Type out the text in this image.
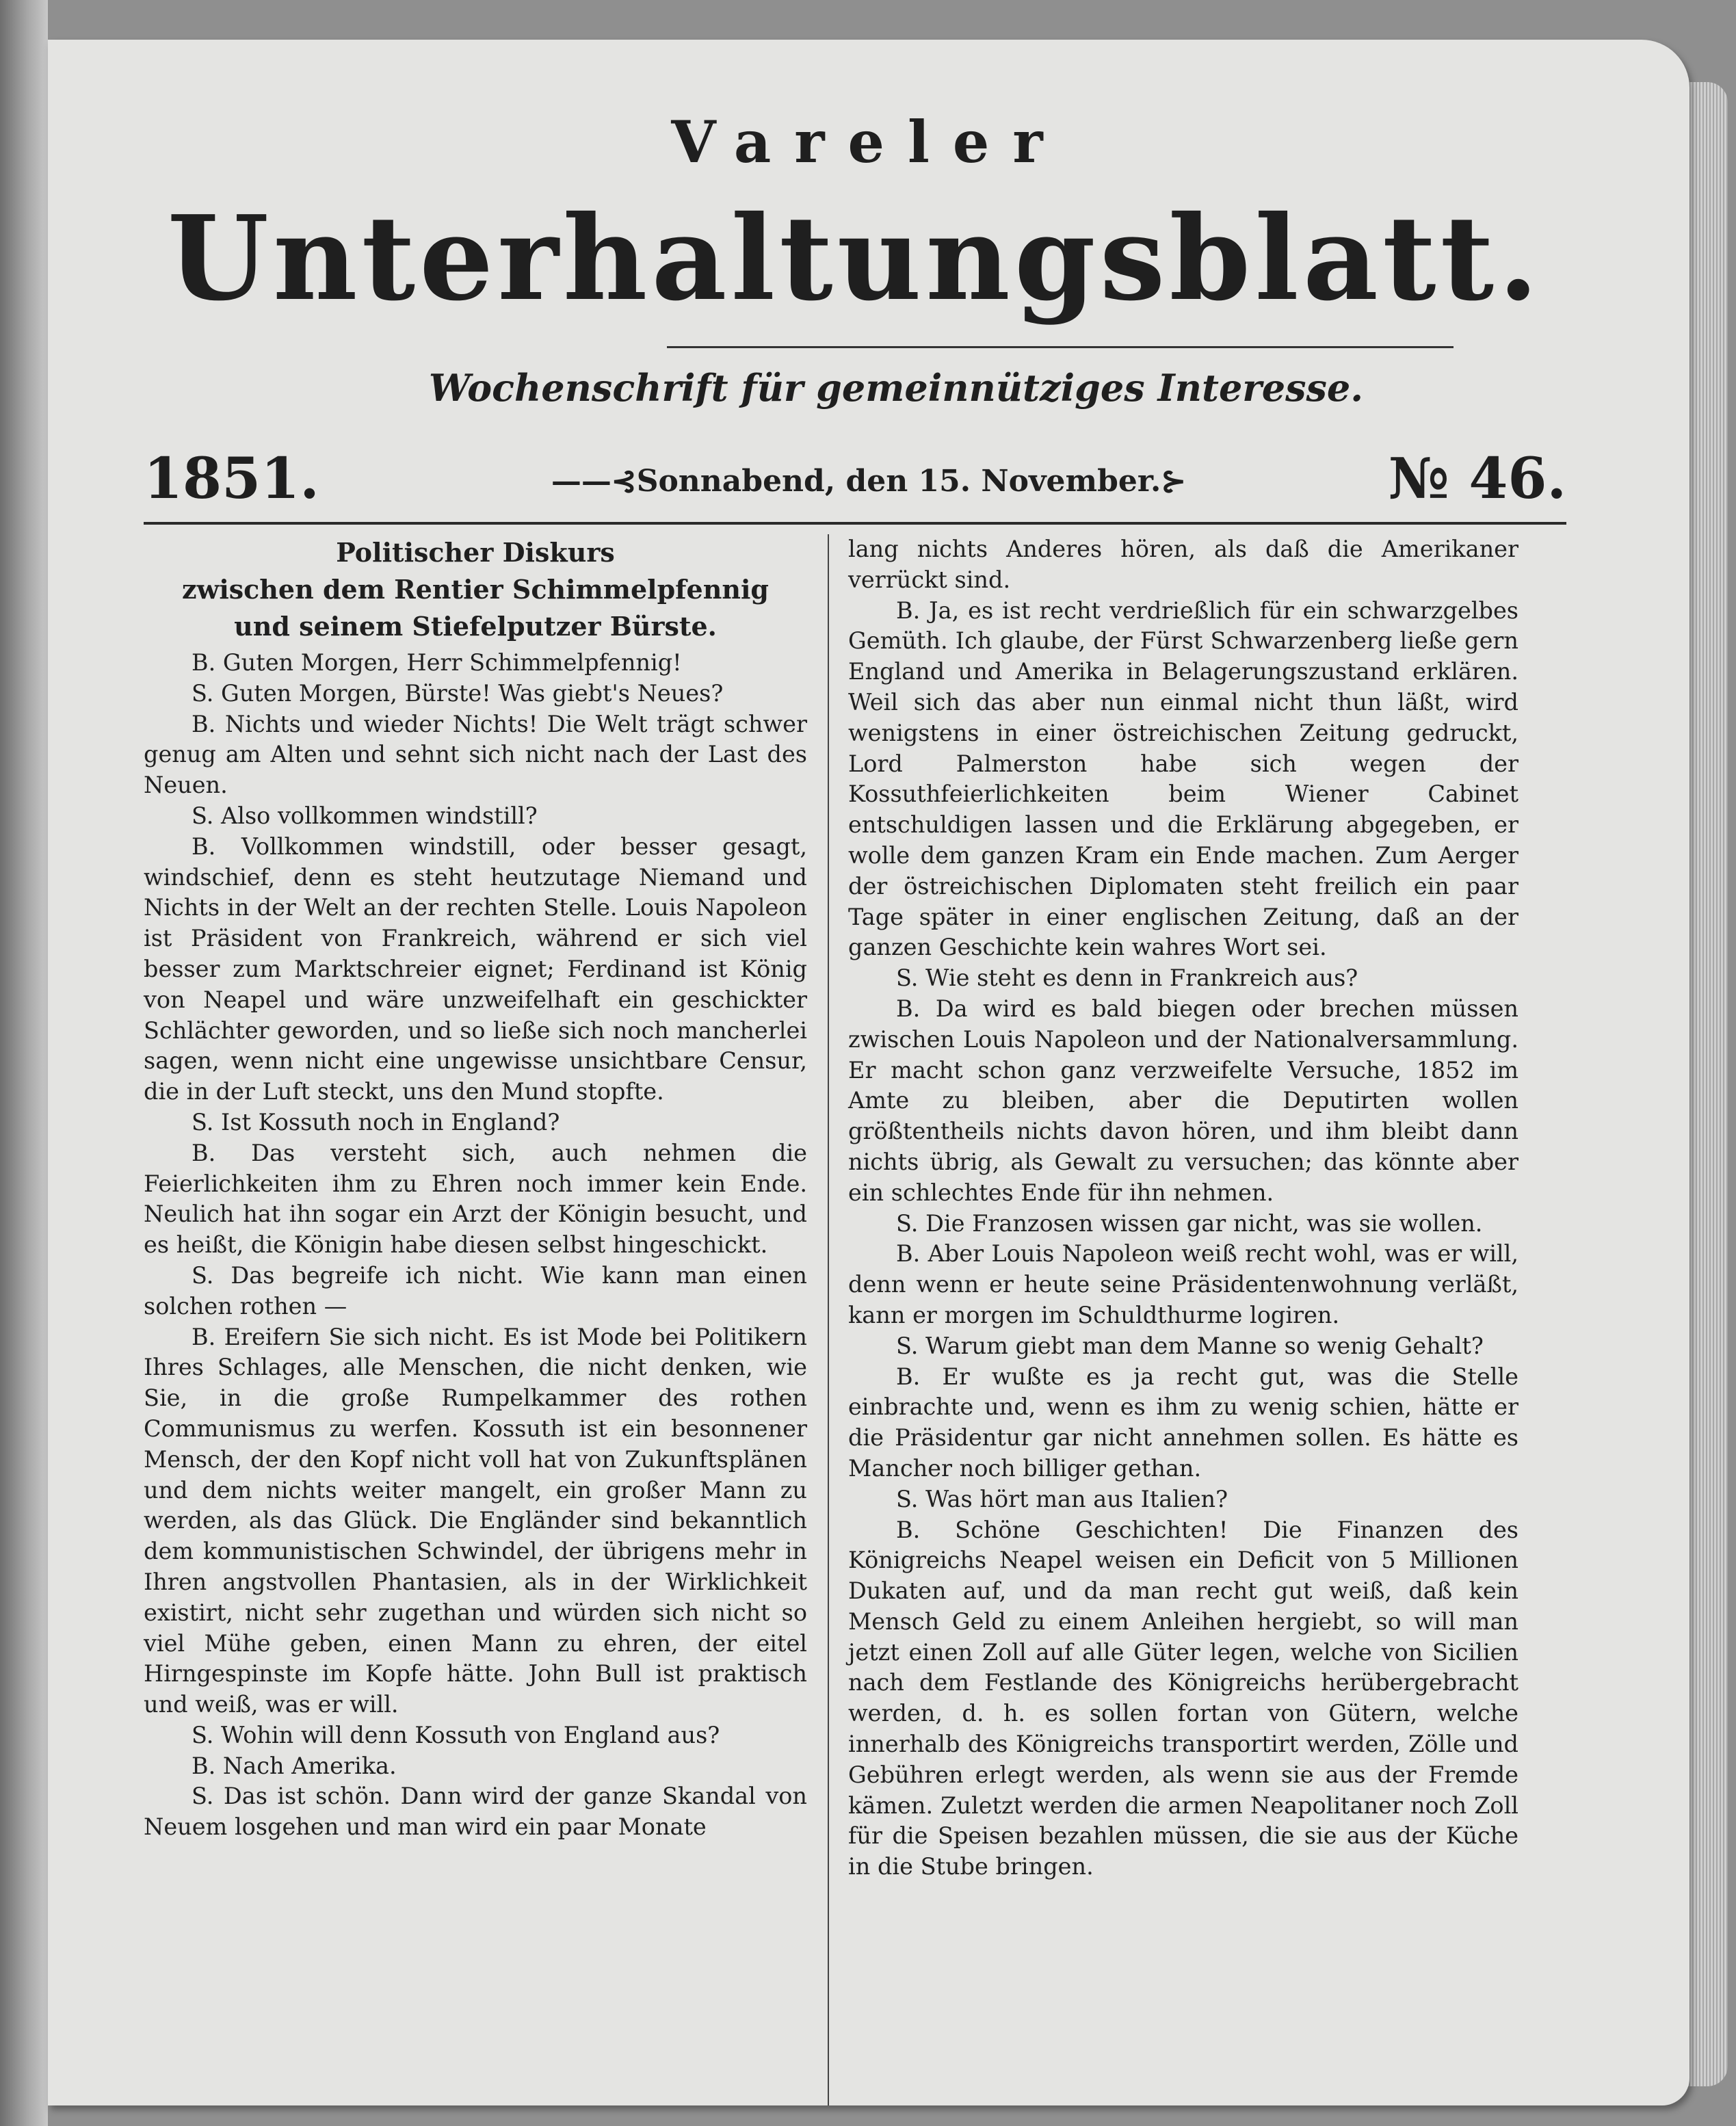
Vareler
Unterhaltungsblatt.
Wochenschrift für gemeinnütziges Interesse.
1851.	——⊰Sonnabend, den 15. November.⊱	№ 46.
Politischer Diskurs
zwischen dem Rentier Schimmelpfennig
und seinem Stiefelputzer Bürste.

B. Guten Morgen, Herr Schimmelpfennig!

S. Guten Morgen, Bürste! Was giebt's Neues?

B. Nichts und wieder Nichts! Die Welt trägt schwer genug am Alten und sehnt sich nicht nach der Last des Neuen.

S. Also vollkommen windstill?

B. Vollkommen windstill, oder besser gesagt, windschief, denn es steht heutzutage Niemand und Nichts in der Welt an der rechten Stelle. Louis Napoleon ist Präsident von Frankreich, während er sich viel besser zum Marktschreier eignet; Ferdinand ist König von Neapel und wäre unzweifelhaft ein geschickter Schlächter geworden, und so ließe sich noch mancherlei sagen, wenn nicht eine ungewisse unsichtbare Censur, die in der Luft steckt, uns den Mund stopfte.

S. Ist Kossuth noch in England?

B. Das versteht sich, auch nehmen die Feierlichkeiten ihm zu Ehren noch immer kein Ende. Neulich hat ihn sogar ein Arzt der Königin besucht, und es heißt, die Königin habe diesen selbst hingeschickt.

S. Das begreife ich nicht. Wie kann man einen solchen rothen —

B. Ereifern Sie sich nicht. Es ist Mode bei Politikern Ihres Schlages, alle Menschen, die nicht denken, wie Sie, in die große Rumpelkammer des rothen Communismus zu werfen. Kossuth ist ein besonnener Mensch, der den Kopf nicht voll hat von Zukunftsplänen und dem nichts weiter mangelt, ein großer Mann zu werden, als das Glück. Die Engländer sind bekanntlich dem kommunistischen Schwindel, der übrigens mehr in Ihren angstvollen Phantasien, als in der Wirklichkeit existirt, nicht sehr zugethan und würden sich nicht so viel Mühe geben, einen Mann zu ehren, der eitel Hirngespinste im Kopfe hätte. John Bull ist praktisch und weiß, was er will.

S. Wohin will denn Kossuth von England aus?

B. Nach Amerika.

S. Das ist schön. Dann wird der ganze Skandal von Neuem losgehen und man wird ein paar Monate

lang nichts Anderes hören, als daß die Amerikaner verrückt sind.

B. Ja, es ist recht verdrießlich für ein schwarzgelbes Gemüth. Ich glaube, der Fürst Schwarzenberg ließe gern England und Amerika in Belagerungszustand erklären. Weil sich das aber nun einmal nicht thun läßt, wird wenigstens in einer östreichischen Zeitung gedruckt, Lord Palmerston habe sich wegen der Kossuthfeierlichkeiten beim Wiener Cabinet entschuldigen lassen und die Erklärung abgegeben, er wolle dem ganzen Kram ein Ende machen. Zum Aerger der östreichischen Diplomaten steht freilich ein paar Tage später in einer englischen Zeitung, daß an der ganzen Geschichte kein wahres Wort sei.

S. Wie steht es denn in Frankreich aus?

B. Da wird es bald biegen oder brechen müssen zwischen Louis Napoleon und der Nationalversammlung. Er macht schon ganz verzweifelte Versuche, 1852 im Amte zu bleiben, aber die Deputirten wollen größtentheils nichts davon hören, und ihm bleibt dann nichts übrig, als Gewalt zu versuchen; das könnte aber ein schlechtes Ende für ihn nehmen.

S. Die Franzosen wissen gar nicht, was sie wollen.

B. Aber Louis Napoleon weiß recht wohl, was er will, denn wenn er heute seine Präsidentenwohnung verläßt, kann er morgen im Schuldthurme logiren.

S. Warum giebt man dem Manne so wenig Gehalt?

B. Er wußte es ja recht gut, was die Stelle einbrachte und, wenn es ihm zu wenig schien, hätte er die Präsidentur gar nicht annehmen sollen. Es hätte es Mancher noch billiger gethan.

S. Was hört man aus Italien?

B. Schöne Geschichten! Die Finanzen des Königreichs Neapel weisen ein Deficit von 5 Millionen Dukaten auf, und da man recht gut weiß, daß kein Mensch Geld zu einem Anleihen hergiebt, so will man jetzt einen Zoll auf alle Güter legen, welche von Sicilien nach dem Festlande des Königreichs herübergebracht werden, d. h. es sollen fortan von Gütern, welche innerhalb des Königreichs transportirt werden, Zölle und Gebühren erlegt werden, als wenn sie aus der Fremde kämen. Zuletzt werden die armen Neapolitaner noch Zoll für die Speisen bezahlen müssen, die sie aus der Küche in die Stube bringen.
